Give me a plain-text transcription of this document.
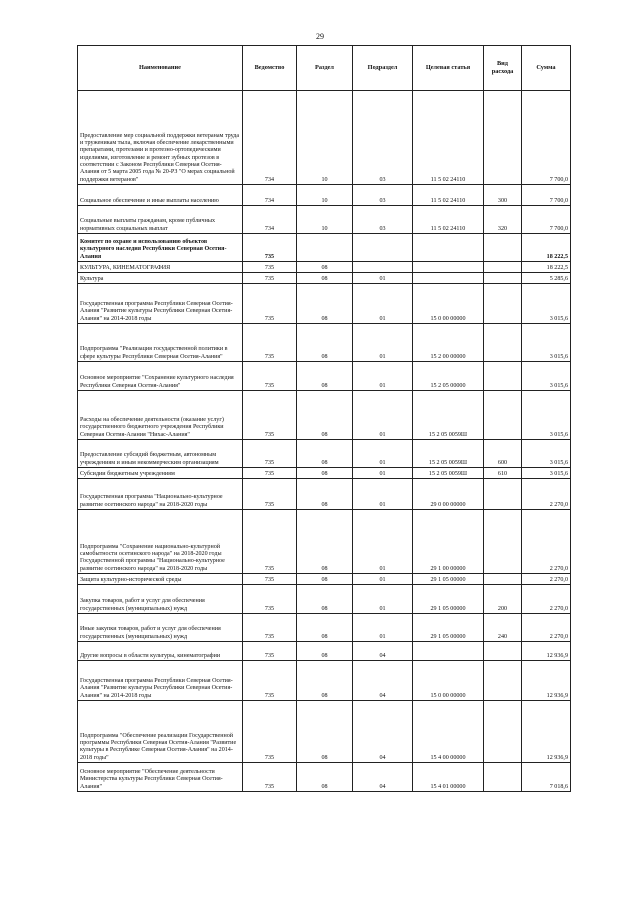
29
Наименование	Ведомство	Раздел	Подраздел	Целевая статья	Вид расхода	Сумма
Предоставление мер социальной поддержки ветеранам труда и труженикам тыла, включая обеспечение лекарственными препаратами, протезами и протезно-ортопедическими изделиями, изготовление и ремонт зубных протезов в соответствии с Законом Республики Северная Осетия-Алания от 5 марта 2005 года № 20-РЗ "О мерах социальной поддержки ветеранов"	734	10	03	11 5 02 24110		7 700,0
Социальное обеспечение и иные выплаты населению	734	10	03	11 5 02 24110	300	7 700,0
Социальные выплаты гражданам, кроме публичных нормативных социальных выплат	734	10	03	11 5 02 24110	320	7 700,0
Комитет по охране и использованию объектов культурного наследия Республики Северная Осетия-Алания	735					18 222,5
КУЛЬТУРА, КИНЕМАТОГРАФИЯ	735	08				18 222,5
Культура	735	08	01			5 285,6
Государственная программа Республики Северная Осетия-Алания "Развитие культуры Республики Северная Осетия-Алания" на 2014-2018 годы	735	08	01	15 0 00 00000		3 015,6
Подпрограмма "Реализация государственной политики в сфере культуры Республики Северная Осетия-Алания"	735	08	01	15 2 00 00000		3 015,6
Основное мероприятие "Сохранение культурного наследия Республики Северная Осетия-Алания"	735	08	01	15 2 05 00000		3 015,6
Расходы на обеспечение деятельности (оказание услуг) государственного бюджетного учреждения Республики Северная Осетия-Алания "Нихас-Алания"	735	08	01	15 2 05 0059Ш		3 015,6
Предоставление субсидий бюджетным, автономным учреждениям и иным некоммерческим организациям	735	08	01	15 2 05 0059Ш	600	3 015,6
Субсидии бюджетным учреждениям	735	08	01	15 2 05 0059Ш	610	3 015,6
Государственная программа "Национально-культурное развитие осетинского народа" на 2018-2020 годы	735	08	01	29 0 00 00000		2 270,0
Подпрограмма "Сохранение национально-культурной самобытности осетинского народа" на 2018-2020 годы Государственной программы "Национально-культурное развитие осетинского народа" на 2018-2020 годы	735	08	01	29 1 00 00000		2 270,0
Защита культурно-исторической среды	735	08	01	29 1 05 00000		2 270,0
Закупка товаров, работ и услуг для обеспечения государственных (муниципальных) нужд	735	08	01	29 1 05 00000	200	2 270,0
Иные закупки товаров, работ и услуг для обеспечения государственных (муниципальных) нужд	735	08	01	29 1 05 00000	240	2 270,0
Другие вопросы в области культуры, кинематографии	735	08	04			12 936,9
Государственная программа Республики Северная Осетия-Алания "Развитие культуры Республики Северная Осетия-Алания" на 2014-2018 годы	735	08	04	15 0 00 00000		12 936,9
Подпрограмма "Обеспечение реализации Государственной программы Республики Северная Осетия-Алания "Развитие культуры в Республике Северная Осетия-Алания" на 2014-2018 годы"	735	08	04	15 4 00 00000		12 936,9
Основное мероприятие "Обеспечение деятельности Министерства культуры Республики Северная Осетия-Алания"	735	08	04	15 4 01 00000		7 018,6
